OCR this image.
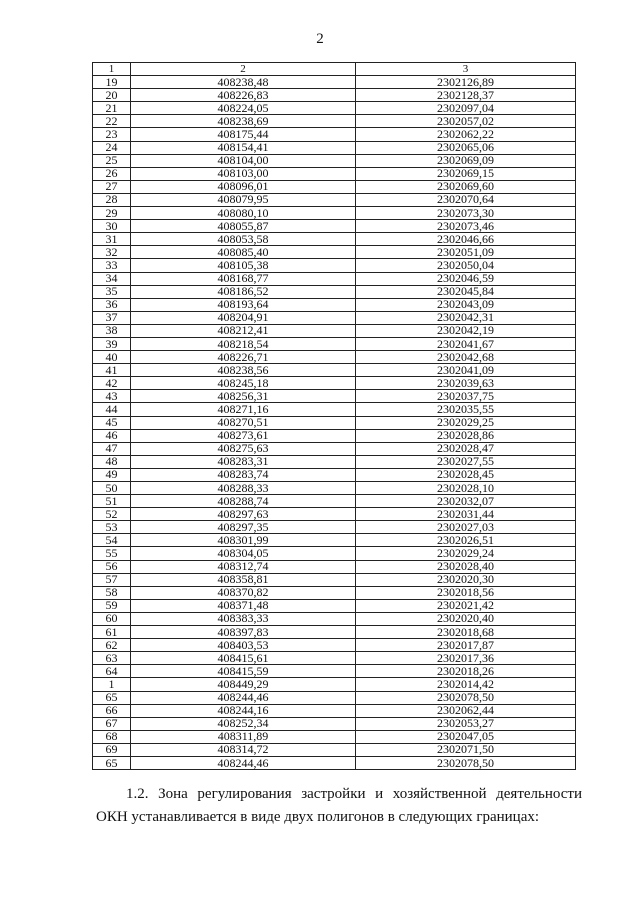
2
1	2	3
19	408238,48	2302126,89
20	408226,83	2302128,37
21	408224,05	2302097,04
22	408238,69	2302057,02
23	408175,44	2302062,22
24	408154,41	2302065,06
25	408104,00	2302069,09
26	408103,00	2302069,15
27	408096,01	2302069,60
28	408079,95	2302070,64
29	408080,10	2302073,30
30	408055,87	2302073,46
31	408053,58	2302046,66
32	408085,40	2302051,09
33	408105,38	2302050,04
34	408168,77	2302046,59
35	408186,52	2302045,84
36	408193,64	2302043,09
37	408204,91	2302042,31
38	408212,41	2302042,19
39	408218,54	2302041,67
40	408226,71	2302042,68
41	408238,56	2302041,09
42	408245,18	2302039,63
43	408256,31	2302037,75
44	408271,16	2302035,55
45	408270,51	2302029,25
46	408273,61	2302028,86
47	408275,63	2302028,47
48	408283,31	2302027,55
49	408283,74	2302028,45
50	408288,33	2302028,10
51	408288,74	2302032,07
52	408297,63	2302031,44
53	408297,35	2302027,03
54	408301,99	2302026,51
55	408304,05	2302029,24
56	408312,74	2302028,40
57	408358,81	2302020,30
58	408370,82	2302018,56
59	408371,48	2302021,42
60	408383,33	2302020,40
61	408397,83	2302018,68
62	408403,53	2302017,87
63	408415,61	2302017,36
64	408415,59	2302018,26
1	408449,29	2302014,42
65	408244,46	2302078,50
66	408244,16	2302062,44
67	408252,34	2302053,27
68	408311,89	2302047,05
69	408314,72	2302071,50
65	408244,46	2302078,50
1.2. Зона регулирования застройки и хозяйственной деятельности
ОКН устанавливается в виде двух полигонов в следующих границах:
